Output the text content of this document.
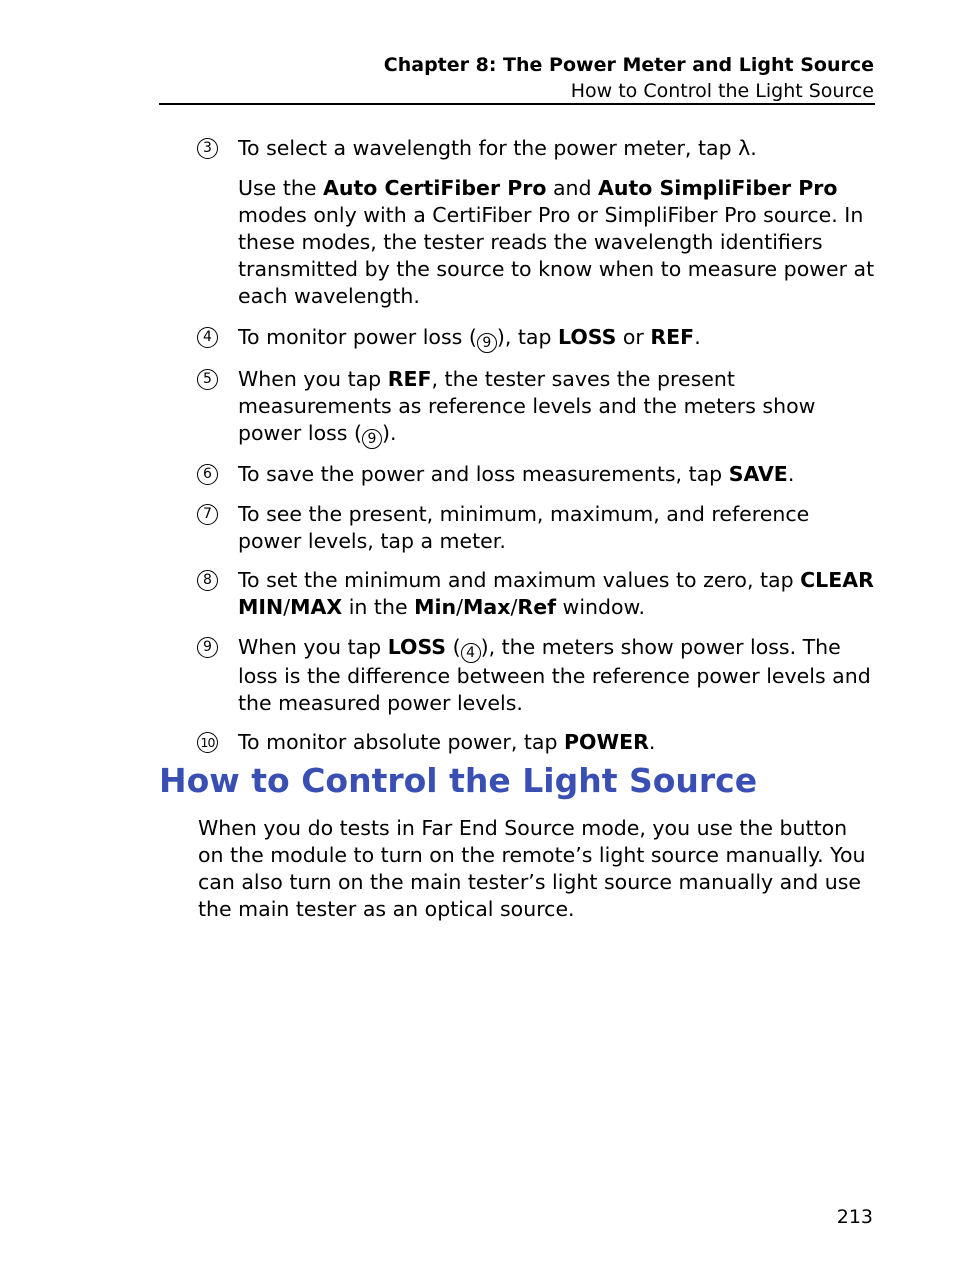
Chapter 8: The Power Meter and Light Source
How to Control the Light Source
3 To select a wavelength for the power meter, tap λ.
Use the Auto CertiFiber Pro and Auto SimpliFiber Pro modes only with a CertiFiber Pro or SimpliFiber Pro source. In these modes, the tester reads the wavelength identifiers transmitted by the source to know when to measure power at each wavelength.
4 To monitor power loss ( 9 ), tap LOSS or REF.
5 When you tap REF, the tester saves the present measurements as reference levels and the meters show power loss ( 9 ).
6 To save the power and loss measurements, tap SAVE.
7 To see the present, minimum, maximum, and reference power levels, tap a meter.
8 To set the minimum and maximum values to zero, tap CLEAR MIN/MAX in the Min/Max/Ref window.
9 When you tap LOSS ( 4 ), the meters show power loss. The loss is the difference between the reference power levels and the measured power levels.
10 To monitor absolute power, tap POWER.
How to Control the Light Source
When you do tests in Far End Source mode, you use the button on the module to turn on the remote’s light source manually. You can also turn on the main tester’s light source manually and use the main tester as an optical source.
213
